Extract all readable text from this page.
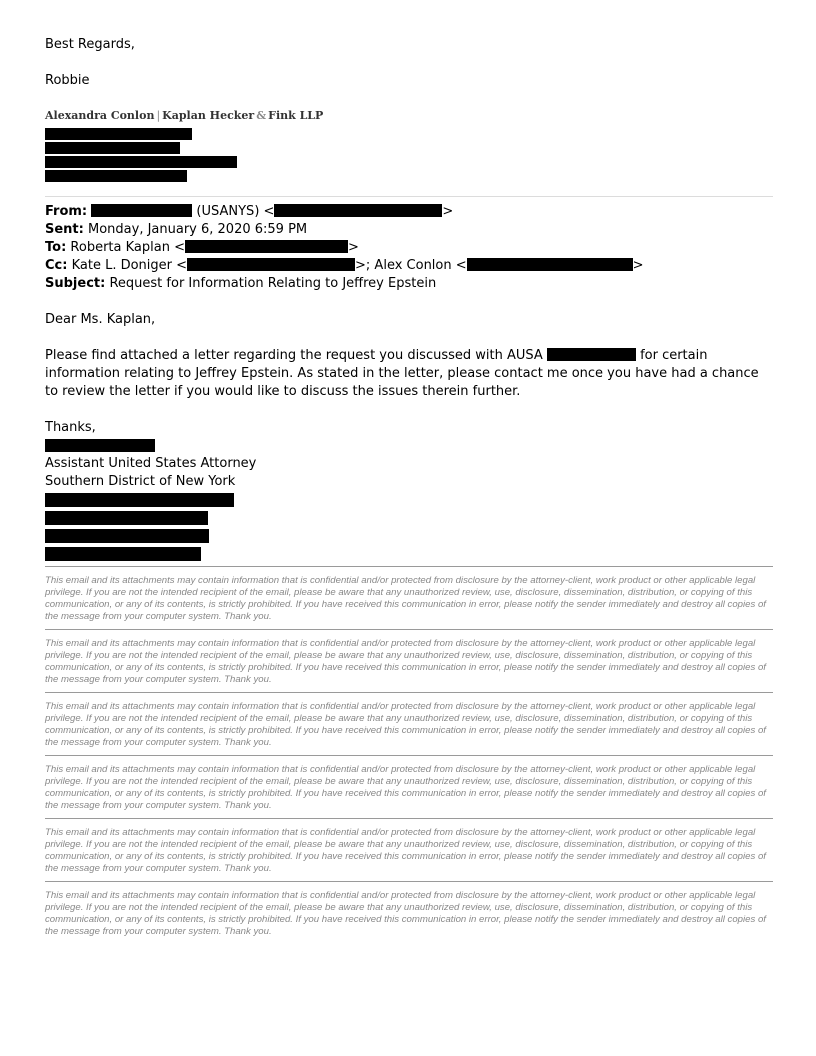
Best Regards,
Robbie
Alexandra Conlon | Kaplan Hecker & Fink LLP
From:	(USANYS) <	>
Sent: Monday, January 6, 2020 6:59 PM
To: Roberta Kaplan <	>
Cc: Kate L. Doniger <	>; Alex Conlon <	>
Subject: Request for Information Relating to Jeffrey Epstein
Dear Ms. Kaplan,
Please find attached a letter regarding the request you discussed with AUSA	for certain information relating to Jeffrey Epstein. As stated in the letter, please contact me once you have had a chance to review the letter if you would like to discuss the issues therein further.
Thanks,
Assistant United States Attorney
Southern District of New York
This email and its attachments may contain information that is confidential and/or protected from disclosure by the attorney-client, work product or other applicable legal privilege. If you are not the intended recipient of the email, please be aware that any unauthorized review, use, disclosure, dissemination, distribution, or copying of this communication, or any of its contents, is strictly prohibited. If you have received this communication in error, please notify the sender immediately and destroy all copies of the message from your computer system. Thank you.
This email and its attachments may contain information that is confidential and/or protected from disclosure by the attorney-client, work product or other applicable legal privilege. If you are not the intended recipient of the email, please be aware that any unauthorized review, use, disclosure, dissemination, distribution, or copying of this communication, or any of its contents, is strictly prohibited. If you have received this communication in error, please notify the sender immediately and destroy all copies of the message from your computer system. Thank you.
This email and its attachments may contain information that is confidential and/or protected from disclosure by the attorney-client, work product or other applicable legal privilege. If you are not the intended recipient of the email, please be aware that any unauthorized review, use, disclosure, dissemination, distribution, or copying of this communication, or any of its contents, is strictly prohibited. If you have received this communication in error, please notify the sender immediately and destroy all copies of the message from your computer system. Thank you.
This email and its attachments may contain information that is confidential and/or protected from disclosure by the attorney-client, work product or other applicable legal privilege. If you are not the intended recipient of the email, please be aware that any unauthorized review, use, disclosure, dissemination, distribution, or copying of this communication, or any of its contents, is strictly prohibited. If you have received this communication in error, please notify the sender immediately and destroy all copies of the message from your computer system. Thank you.
This email and its attachments may contain information that is confidential and/or protected from disclosure by the attorney-client, work product or other applicable legal privilege. If you are not the intended recipient of the email, please be aware that any unauthorized review, use, disclosure, dissemination, distribution, or copying of this communication, or any of its contents, is strictly prohibited. If you have received this communication in error, please notify the sender immediately and destroy all copies of the message from your computer system. Thank you.
This email and its attachments may contain information that is confidential and/or protected from disclosure by the attorney-client, work product or other applicable legal privilege. If you are not the intended recipient of the email, please be aware that any unauthorized review, use, disclosure, dissemination, distribution, or copying of this communication, or any of its contents, is strictly prohibited. If you have received this communication in error, please notify the sender immediately and destroy all copies of the message from your computer system. Thank you.
